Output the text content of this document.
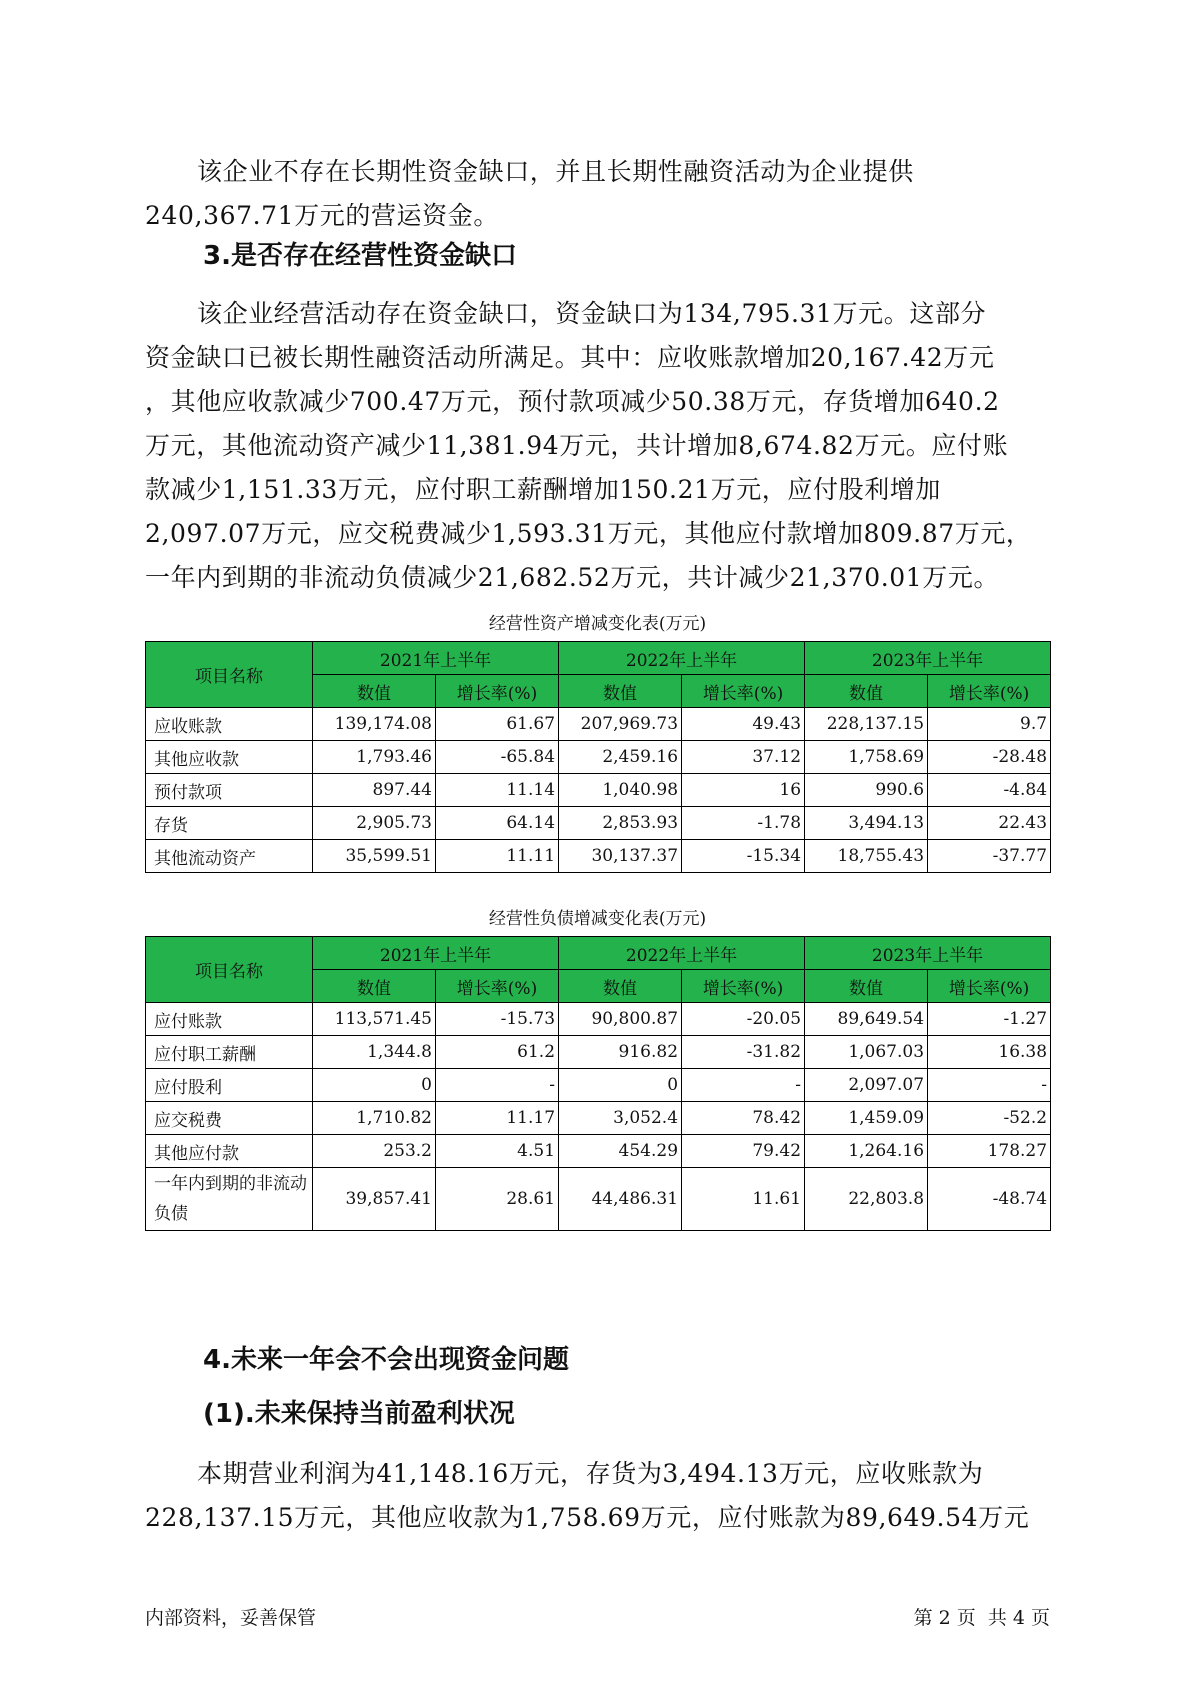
该企业不存在长期性资金缺口，并且长期性融资活动为企业提供
240,367.71万元的营运资金。
3.是否存在经营性资金缺口
该企业经营活动存在资金缺口，资金缺口为134,795.31万元。这部分
资金缺口已被长期性融资活动所满足。其中：应收账款增加20,167.42万元
，其他应收款减少700.47万元，预付款项减少50.38万元，存货增加640.2
万元，其他流动资产减少11,381.94万元，共计增加8,674.82万元。应付账
款减少1,151.33万元，应付职工薪酬增加150.21万元，应付股利增加
2,097.07万元，应交税费减少1,593.31万元，其他应付款增加809.87万元，
一年内到期的非流动负债减少21,682.52万元，共计减少21,370.01万元。
经营性资产增减变化表(万元)
项目名称	2021年上半年		2022年上半年		2023年上半年	
	数值	增长率(%)	数值	增长率(%)	数值	增长率(%)
应收账款	139,174.08	61.67	207,969.73	49.43	228,137.15	9.7
其他应收款	1,793.46	-65.84	2,459.16	37.12	1,758.69	-28.48
预付款项	897.44	11.14	1,040.98	16	990.6	-4.84
存货	2,905.73	64.14	2,853.93	-1.78	3,494.13	22.43
其他流动资产	35,599.51	11.11	30,137.37	-15.34	18,755.43	-37.77
经营性负债增减变化表(万元)
项目名称	2021年上半年		2022年上半年		2023年上半年	
	数值	增长率(%)	数值	增长率(%)	数值	增长率(%)
应付账款	113,571.45	-15.73	90,800.87	-20.05	89,649.54	-1.27
应付职工薪酬	1,344.8	61.2	916.82	-31.82	1,067.03	16.38
应付股利	0	-	0	-	2,097.07	-
应交税费	1,710.82	11.17	3,052.4	78.42	1,459.09	-52.2
其他应付款	253.2	4.51	454.29	79.42	1,264.16	178.27
一年内到期的非流动负债	39,857.41	28.61	44,486.31	11.61	22,803.8	-48.74
4.未来一年会不会出现资金问题
(1).未来保持当前盈利状况
本期营业利润为41,148.16万元，存货为3,494.13万元，应收账款为
228,137.15万元，其他应收款为1,758.69万元，应付账款为89,649.54万元
内部资料，妥善保管	第 2 页  共 4 页
